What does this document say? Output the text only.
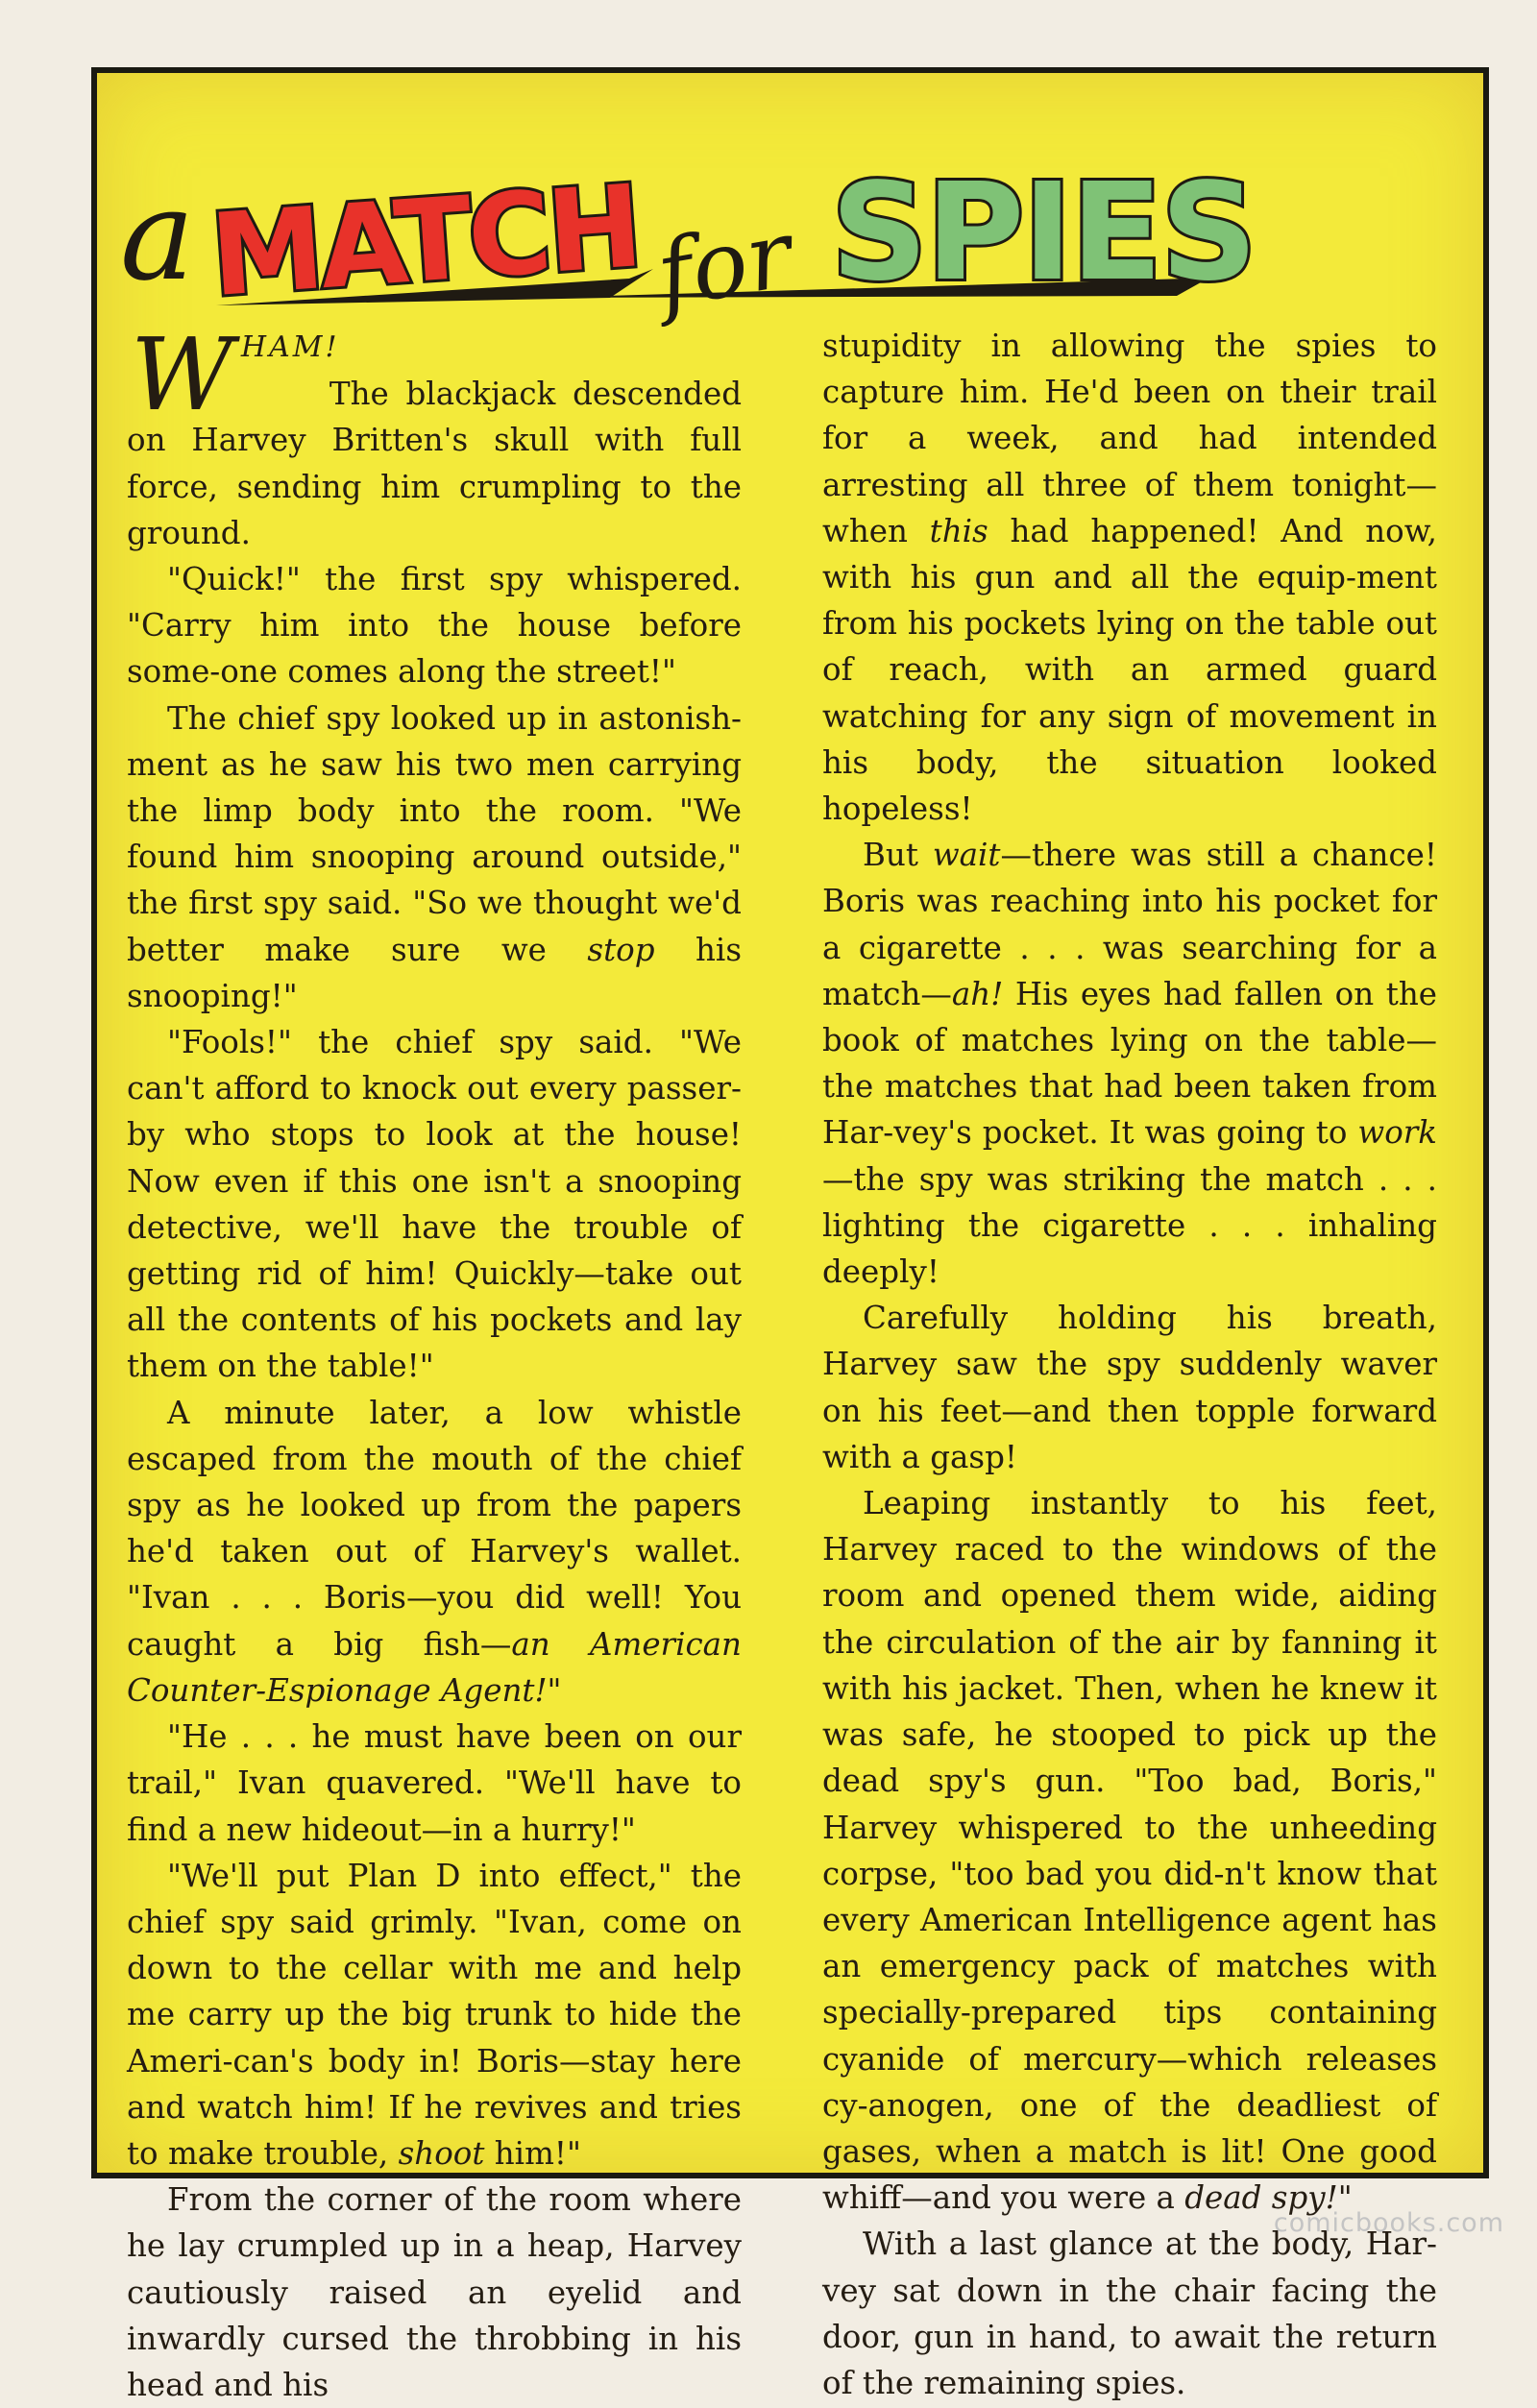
a MATCH for SPIES

WHAM!
The blackjack descended on Harvey Britten's skull with full force, sending him crumpling to the ground.

"Quick!" the first spy whispered. "Carry him into the house before some-one comes along the street!"

The chief spy looked up in astonish-ment as he saw his two men carrying the limp body into the room. "We found him snooping around outside," the first spy said. "So we thought we'd better make sure we stop his snooping!"

"Fools!" the chief spy said. "We can't afford to knock out every passer-by who stops to look at the house! Now even if this one isn't a snooping detective, we'll have the trouble of getting rid of him! Quickly—take out all the contents of his pockets and lay them on the table!"

A minute later, a low whistle escaped from the mouth of the chief spy as he looked up from the papers he'd taken out of Harvey's wallet. "Ivan . . . Boris—you did well! You caught a big fish—an American Counter-Espionage Agent!"

"He . . . he must have been on our trail," Ivan quavered. "We'll have to find a new hideout—in a hurry!"

"We'll put Plan D into effect," the chief spy said grimly. "Ivan, come on down to the cellar with me and help me carry up the big trunk to hide the Ameri-can's body in! Boris—stay here and watch him! If he revives and tries to make trouble, shoot him!"

From the corner of the room where he lay crumpled up in a heap, Harvey cautiously raised an eyelid and inwardly cursed the throbbing in his head and his

stupidity in allowing the spies to capture him. He'd been on their trail for a week, and had intended arresting all three of them tonight—when this had happened! And now, with his gun and all the equip-ment from his pockets lying on the table out of reach, with an armed guard watching for any sign of movement in his body, the situation looked hopeless!

But wait—there was still a chance! Boris was reaching into his pocket for a cigarette . . . was searching for a match—ah! His eyes had fallen on the book of matches lying on the table—the matches that had been taken from Har-vey's pocket. It was going to work—the spy was striking the match . . . lighting the cigarette . . . inhaling deeply!

Carefully holding his breath, Harvey saw the spy suddenly waver on his feet—and then topple forward with a gasp!

Leaping instantly to his feet, Harvey raced to the windows of the room and opened them wide, aiding the circulation of the air by fanning it with his jacket. Then, when he knew it was safe, he stooped to pick up the dead spy's gun. "Too bad, Boris," Harvey whispered to the unheeding corpse, "too bad you did-n't know that every American Intelligence agent has an emergency pack of matches with specially-prepared tips containing cyanide of mercury—which releases cy-anogen, one of the deadliest of gases, when a match is lit! One good whiff—and you were a dead spy!"

With a last glance at the body, Har-vey sat down in the chair facing the door, gun in hand, to await the return of the remaining spies.

comicbooks.com
